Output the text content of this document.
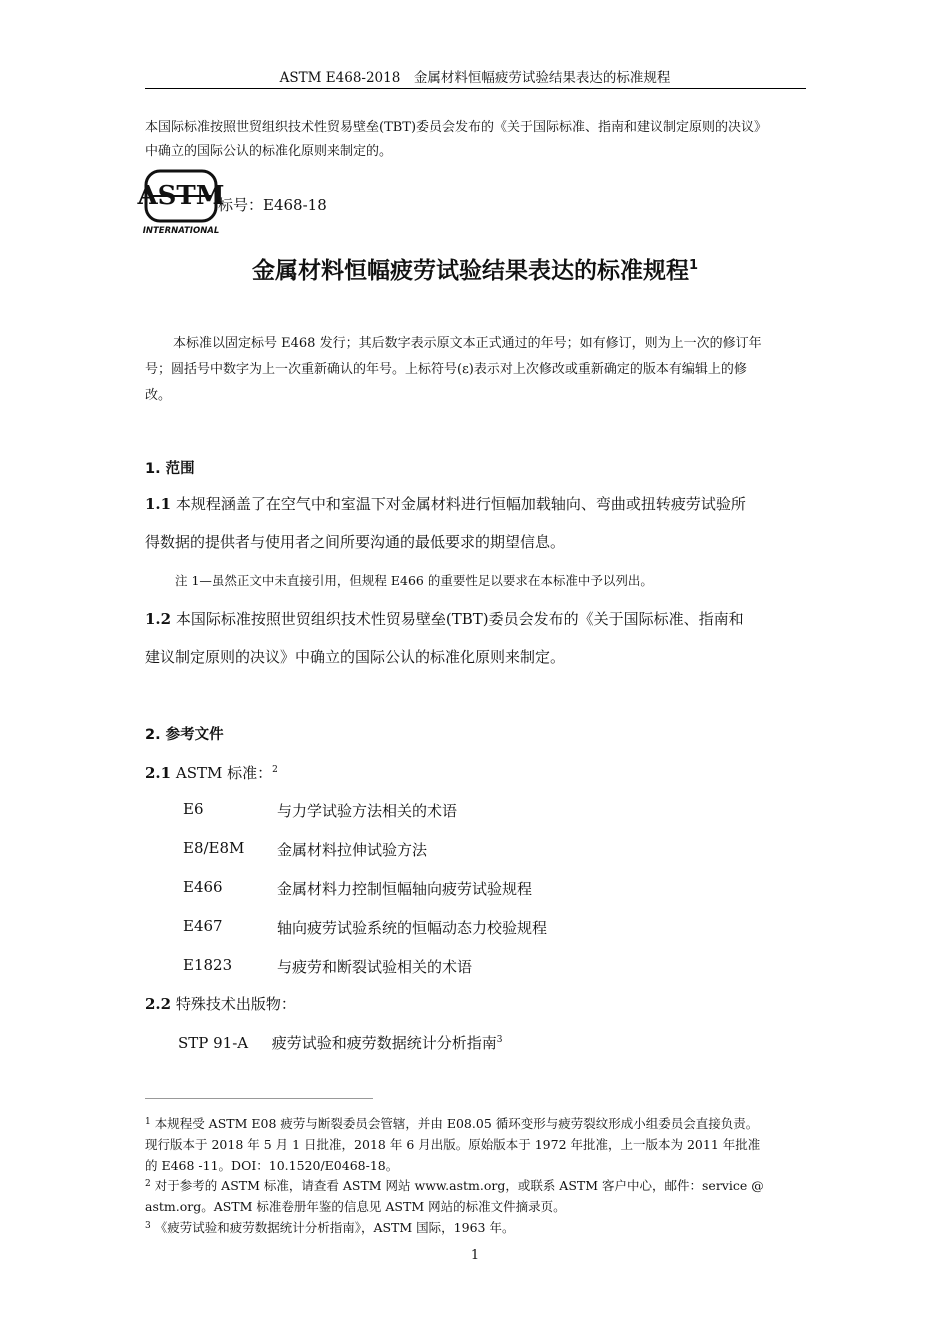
ASTM E468-2018　金属材料恒幅疲劳试验结果表达的标准规程
本国际标准按照世贸组织技术性贸易壁垒(TBT)委员会发布的《关于国际标准、指南和建议制定原则的决议》
中确立的国际公认的标准化原则来制定的。
ASTM
INTERNATIONAL
标号：E468-18
金属材料恒幅疲劳试验结果表达的标准规程$^1$
本标准以固定标号 E468 发行；其后数字表示原文本正式通过的年号；如有修订，则为上一次的修订年
号；圆括号中数字为上一次重新确认的年号。上标符号(ε)表示对上次修改或重新确定的版本有编辑上的修
改。
1. 范围
1.1 本规程涵盖了在空气中和室温下对金属材料进行恒幅加载轴向、弯曲或扭转疲劳试验所
得数据的提供者与使用者之间所要沟通的最低要求的期望信息。
注 1—虽然正文中未直接引用，但规程 E466 的重要性足以要求在本标准中予以列出。
1.2 本国际标准按照世贸组织技术性贸易壁垒(TBT)委员会发布的《关于国际标准、指南和
建议制定原则的决议》中确立的国际公认的标准化原则来制定。
2. 参考文件
2.1 ASTM 标准：$^2$
E6	与力学试验方法相关的术语
E8/E8M 金属材料拉伸试验方法
E466	金属材料力控制恒幅轴向疲劳试验规程
E467	轴向疲劳试验系统的恒幅动态力校验规程
E1823	与疲劳和断裂试验相关的术语
2.2 特殊技术出版物：
STP 91-A 疲劳试验和疲劳数据统计分析指南$^3$
$^1$ 本规程受 ASTM E08 疲劳与断裂委员会管辖，并由 E08.05 循环变形与疲劳裂纹形成小组委员会直接负责。
现行版本于 2018 年 5 月 1 日批准，2018 年 6 月出版。原始版本于 1972 年批准，上一版本为 2011 年批准
的 E468 -11。DOI：10.1520/E0468-18。
$^2$ 对于参考的 ASTM 标准，请查看 ASTM 网站 www.astm.org，或联系 ASTM 客户中心，邮件：service @
astm.org。ASTM 标准卷册年鉴的信息见 ASTM 网站的标准文件摘录页。
$^3$ 《疲劳试验和疲劳数据统计分析指南》，ASTM 国际，1963 年。
1
